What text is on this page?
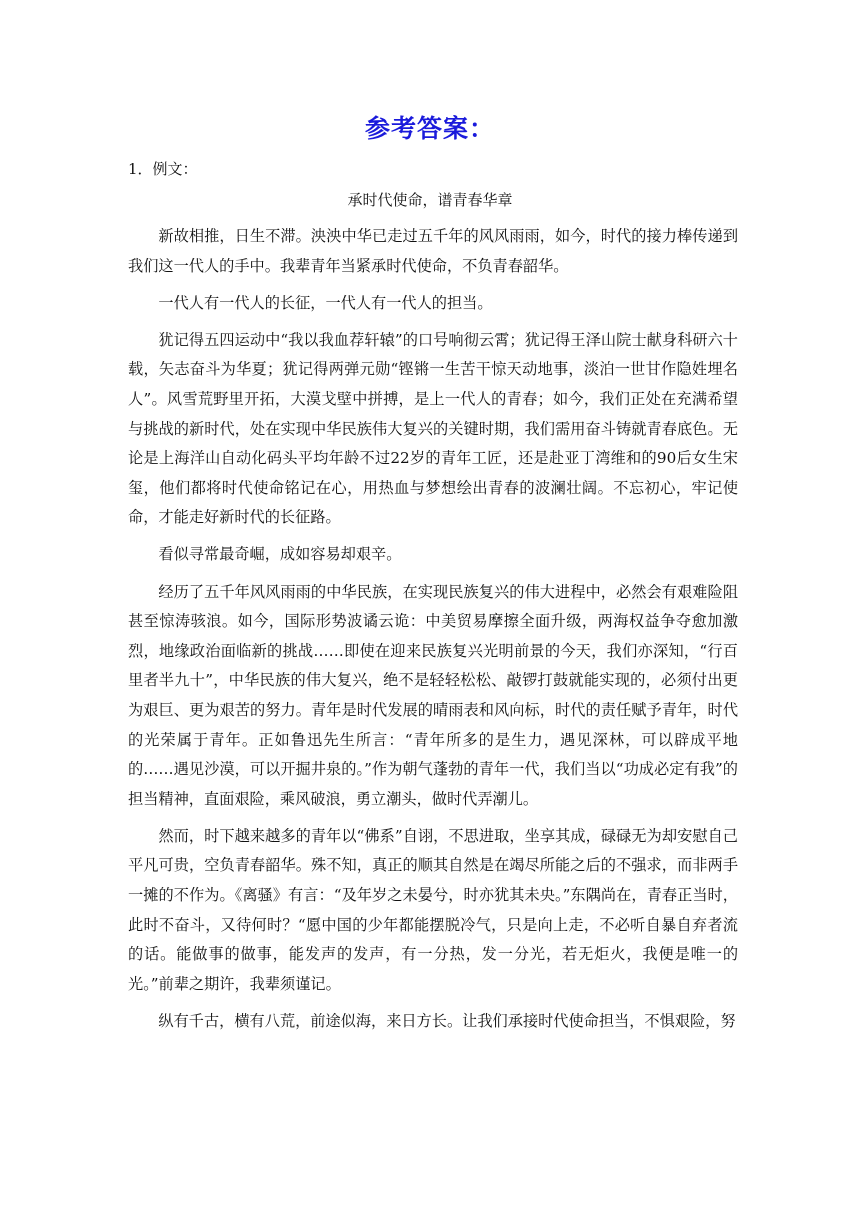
参考答案：
1．例文：
承时代使命，谱青春华章

新故相推，日生不滞。泱泱中华已走过五千年的风风雨雨，如今，时代的接力棒传递到我们这一代人的手中。我辈青年当紧承时代使命，不负青春韶华。

一代人有一代人的长征，一代人有一代人的担当。

犹记得五四运动中“我以我血荐轩辕”的口号响彻云霄；犹记得王泽山院士献身科研六十载，矢志奋斗为华夏；犹记得两弹元勋“铿锵一生苦干惊天动地事，淡泊一世甘作隐姓埋名人”。风雪荒野里开拓，大漠戈壁中拼搏，是上一代人的青春；如今，我们正处在充满希望与挑战的新时代，处在实现中华民族伟大复兴的关键时期，我们需用奋斗铸就青春底色。无论是上海洋山自动化码头平均年龄不过22岁的青年工匠，还是赴亚丁湾维和的90后女生宋玺，他们都将时代使命铭记在心，用热血与梦想绘出青春的波澜壮阔。不忘初心，牢记使命，才能走好新时代的长征路。

看似寻常最奇崛，成如容易却艰辛。

经历了五千年风风雨雨的中华民族，在实现民族复兴的伟大进程中，必然会有艰难险阻甚至惊涛骇浪。如今，国际形势波谲云诡：中美贸易摩擦全面升级，两海权益争夺愈加激烈，地缘政治面临新的挑战……即使在迎来民族复兴光明前景的今天，我们亦深知，“行百里者半九十”，中华民族的伟大复兴，绝不是轻轻松松、敲锣打鼓就能实现的，必须付出更为艰巨、更为艰苦的努力。青年是时代发展的晴雨表和风向标，时代的责任赋予青年，时代的光荣属于青年。正如鲁迅先生所言：“青年所多的是生力，遇见深林，可以辟成平地的……遇见沙漠，可以开掘井泉的。”作为朝气蓬勃的青年一代，我们当以“功成必定有我”的担当精神，直面艰险，乘风破浪，勇立潮头，做时代弄潮儿。

然而，时下越来越多的青年以“佛系”自诩，不思进取，坐享其成，碌碌无为却安慰自己平凡可贵，空负青春韶华。殊不知，真正的顺其自然是在竭尽所能之后的不强求，而非两手一摊的不作为。《离骚》有言：“及年岁之未晏兮，时亦犹其未央。”东隅尚在，青春正当时，此时不奋斗，又待何时？“愿中国的少年都能摆脱冷气，只是向上走，不必听自暴自弃者流的话。能做事的做事，能发声的发声，有一分热，发一分光，若无炬火，我便是唯一的光。”前辈之期许，我辈须谨记。

纵有千古，横有八荒，前途似海，来日方长。让我们承接时代使命担当，不惧艰险，努
